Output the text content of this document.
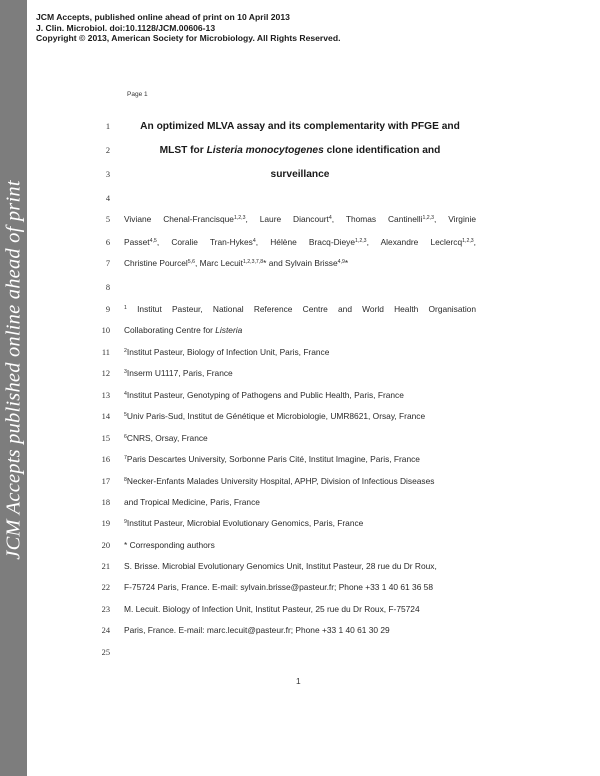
JCM Accepts, published online ahead of print on 10 April 2013
J. Clin. Microbiol. doi:10.1128/JCM.00606-13
Copyright © 2013, American Society for Microbiology. All Rights Reserved.
JCM Accepts published online ahead of print
Page 1
1
2
3
4
5
6
7
8
9
10
11
12
13
14
15
16
17
18
19
20
21
22
23
24
25
An optimized MLVA assay and its complementarity with PFGE and
MLST for Listeria monocytogenes clone identification and
surveillance
Viviane Chenal-Francisque$^{1,2,3}$, Laure Diancourt$^4$, Thomas Cantinelli$^{1,2,3}$, Virginie
Passet$^{4,5}$, Coralie Tran-Hykes$^4$, Hélène Bracq-Dieye$^{1,2,3}$, Alexandre Leclercq$^{1,2,3}$,
Christine Pourcel$^{5,6}$, Marc Lecuit$^{1,2,3,7,8}$* and Sylvain Brisse$^{4,9}$*
$^1$ Institut Pasteur, National Reference Centre and World Health Organisation
Collaborating Centre for Listeria
$^2$Institut Pasteur, Biology of Infection Unit, Paris, France
$^3$Inserm U1117, Paris, France
$^4$Institut Pasteur, Genotyping of Pathogens and Public Health, Paris, France
$^5$Univ Paris-Sud, Institut de Génétique et Microbiologie, UMR8621, Orsay, France
$^6$CNRS, Orsay, France
$^7$Paris Descartes University, Sorbonne Paris Cité, Institut Imagine, Paris, France
$^8$Necker-Enfants Malades University Hospital, APHP, Division of Infectious Diseases
and Tropical Medicine, Paris, France
$^9$Institut Pasteur, Microbial Evolutionary Genomics, Paris, France
* Corresponding authors
S. Brisse. Microbial Evolutionary Genomics Unit, Institut Pasteur, 28 rue du Dr Roux,
F-75724 Paris, France. E-mail: sylvain.brisse@pasteur.fr; Phone +33 1 40 61 36 58
M. Lecuit. Biology of Infection Unit, Institut Pasteur, 25 rue du Dr Roux, F-75724
Paris, France. E-mail: marc.lecuit@pasteur.fr; Phone +33 1 40 61 30 29
1
